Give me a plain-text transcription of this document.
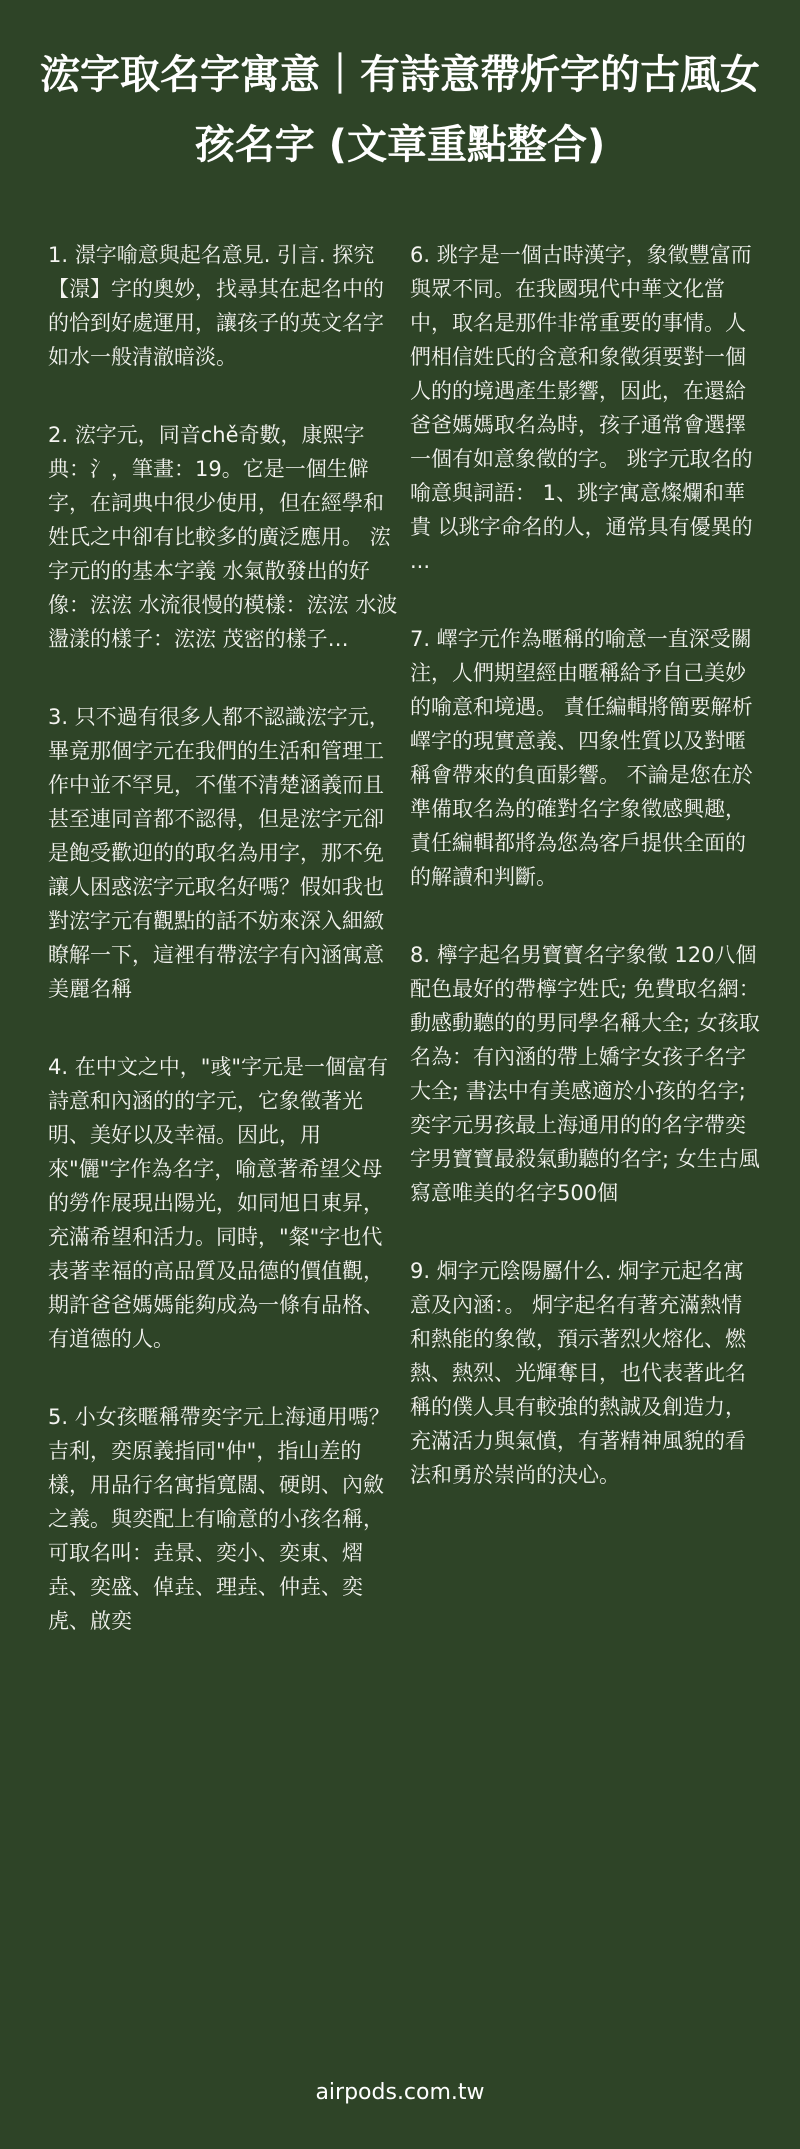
浤字取名字寓意｜有詩意帶炘字的古風女孩名字 (文章重點整合)

1. 澋字喻意與起名意見. 引言. 探究【澋】字的奧妙，找尋其在起名中的的恰到好處運用，讓孩子的英文名字如水一般清澈暗淡。

2. 浤字元，同音chě奇數，康熙字典：氵，筆畫：19。它是一個生僻字，在詞典中很少使用，但在經學和姓氏之中卻有比較多的廣泛應用。 浤字元的的基本字義 水氣散發出的好像：浤浤 水流很慢的模樣：浤浤 水波盪漾的樣子：浤浤 茂密的樣子…

3. 只不過有很多人都不認識浤字元，畢竟那個字元在我們的生活和管理工作中並不罕見，不僅不清楚涵義而且甚至連同音都不認得，但是浤字元卻是飽受歡迎的的取名為用字，那不免讓人困惑浤字元取名好嗎？假如我也對浤字元有觀點的話不妨來深入細緻瞭解一下，這裡有帶浤字有內涵寓意美麗名稱

4. 在中文之中，"彧"字元是一個富有詩意和內涵的的字元，它象徵著光明、美好以及幸福。因此，用來"儷"字作為名字，喻意著希望父母的勞作展現出陽光，如同旭日東昇，充滿希望和活力。同時，"粲"字也代表著幸福的高品質及品德的價值觀，期許爸爸媽媽能夠成為一條有品格、有道德的人。

5. 小女孩暱稱帶奕字元上海通用嗎？吉利，奕原義指同"仲"，指山差的樣，用品行名寓指寬闊、硬朗、內斂之義。與奕配上有喻意的小孩名稱，可取名叫：垚景、奕小、奕東、熠垚、奕盛、倬垚、理垚、仲垚、奕虎、啟奕

6. 珧字是一個古時漢字，象徵豐富而與眾不同。在我國現代中華文化當中，取名是那件非常重要的事情。人們相信姓氏的含意和象徵須要對一個人的的境遇產生影響，因此，在還給爸爸媽媽取名為時，孩子通常會選擇一個有如意象徵的字。 珧字元取名的喻意與詞語： 1、珧字寓意燦爛和華貴 以珧字命名的人，通常具有優異的 ...

7. 嶧字元作為暱稱的喻意一直深受關注，人們期望經由暱稱給予自己美妙的喻意和境遇。 責任編輯將簡要解析嶧字的現實意義、四象性質以及對暱稱會帶來的負面影響。 不論是您在於準備取名為的確對名字象徵感興趣，責任編輯都將為您為客戶提供全面的的解讀和判斷。

8. 檸字起名男寶寶名字象徵 120八個配色最好的帶檸字姓氏; 免費取名網：動感動聽的的男同學名稱大全; 女孩取名為：有內涵的帶上嬌字女孩子名字大全; 書法中有美感適於小孩的名字; 奕字元男孩最上海通用的的名字帶奕字男寶寶最殺氣動聽的名字; 女生古風寫意唯美的名字500個

9. 烔字元陰陽屬什么. 烔字元起名寓意及內涵：。 烔字起名有著充滿熱情和熱能的象徵，預示著烈火熔化、燃熱、熱烈、光輝奪目，也代表著此名稱的僕人具有較強的熱誠及創造力，充滿活力與氣憤，有著精神風貌的看法和勇於崇尚的決心。

airpods.com.tw
